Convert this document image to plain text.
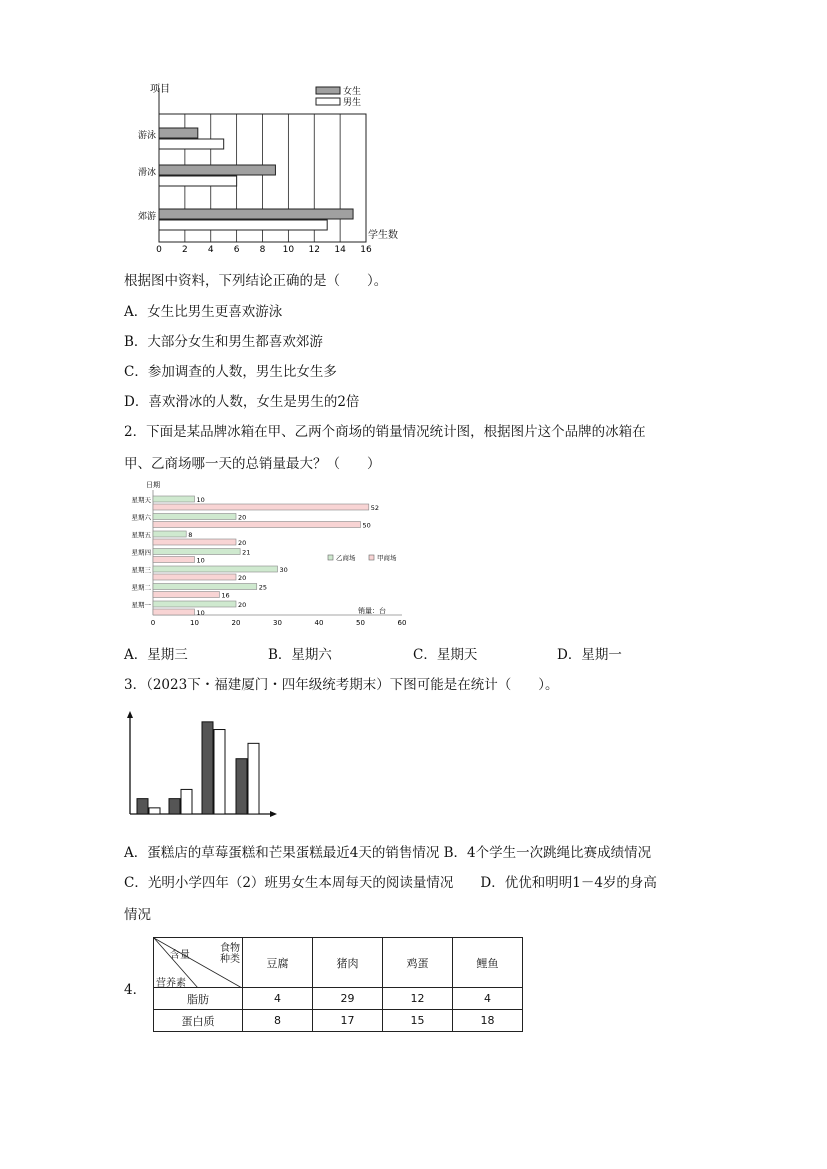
项目
学生数
0 2 4 6 8 10 12 14 16
游泳
滑冰
郊游
女生
男生
根据图中资料，下列结论正确的是（　　）。
A．女生比男生更喜欢游泳
B．大部分女生和男生都喜欢郊游
C．参加调查的人数，男生比女生多
D．喜欢滑冰的人数，女生是男生的2倍
2．下面是某品牌冰箱在甲、乙两个商场的销量情况统计图，根据图片这个品牌的冰箱在
甲、乙商场哪一天的总销量最大？（　　）
日期
销量：台
0	10	20	30	40	50	60
星期天	10
52
星期六	20
50
星期五	8
20
星期四	21
10
星期三	30
20
星期二	25
16
星期一	20
10
乙商场	甲商场
A．星期三	B．星期六	C．星期天	D．星期一
3．（2023下・福建厦门・四年级统考期末）下图可能是在统计（　　）。
A．蛋糕店的草莓蛋糕和芒果蛋糕最近4天的销售情况 B．4个学生一次跳绳比赛成绩情况
C．光明小学四年（2）班男女生本周每天的阅读量情况　　D．优优和明明1－4岁的身高
情况
4．
食物
种类
含量
营养素	豆腐	猪肉	鸡蛋	鲤鱼
脂肪	4	29	12	4
蛋白质	8	17	15	18
